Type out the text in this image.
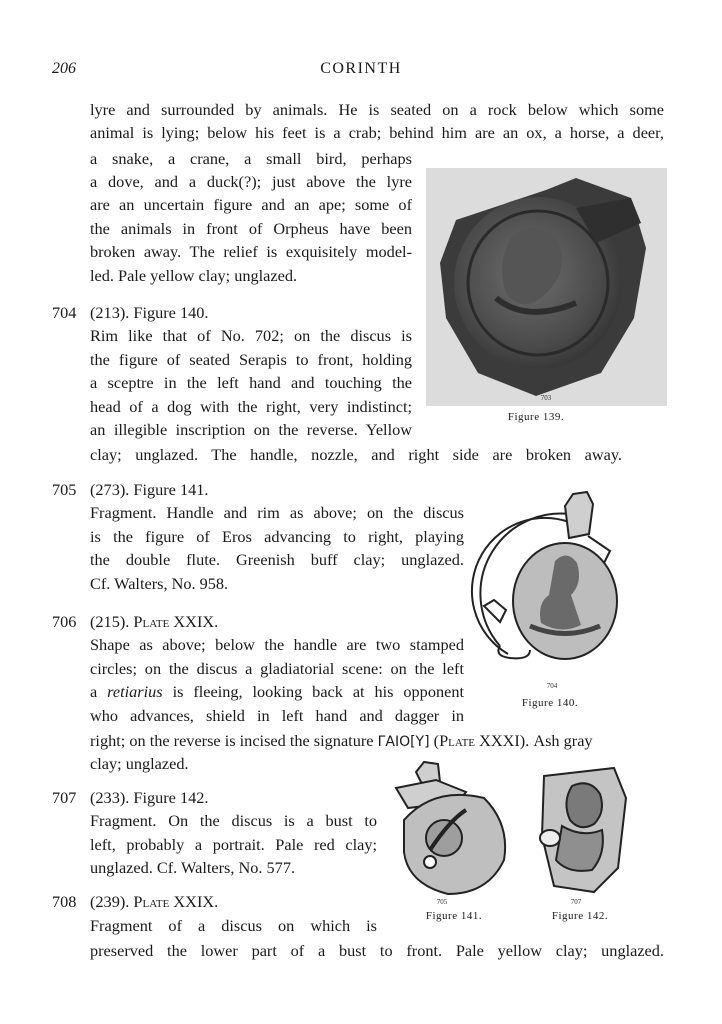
206	CORINTH
lyre and surrounded by animals. He is seated on a rock below which some
animal is lying; below his feet is a crab; behind him are an ox, a horse, a deer,
a snake, a crane, a small bird, perhaps
a dove, and a duck(?); just above the lyre
are an uncertain figure and an ape; some of
the animals in front of Orpheus have been
broken away. The relief is exquisitely model-
led. Pale yellow clay; unglazed.
703
Figure 139.
704 (213). Figure 140.
Rim like that of No. 702; on the discus is
the figure of seated Serapis to front, holding
a sceptre in the left hand and touching the
head of a dog with the right, very indistinct;
an illegible inscription on the reverse. Yellow
clay; unglazed. The handle, nozzle, and right side are broken away.
705 (273). Figure 141.
Fragment. Handle and rim as above; on the discus
is the figure of Eros advancing to right, playing
the double flute. Greenish buff clay; unglazed.
Cf. Walters, No. 958.
704
Figure 140.
706 (215). Plate XXIX.
Shape as above; below the handle are two stamped
circles; on the discus a gladiatorial scene: on the left
a retiarius is fleeing, looking back at his opponent
who advances, shield in left hand and dagger in
right; on the reverse is incised the signature ΓΑΙΟ[Υ] (Plate XXXI). Ash gray
clay; unglazed.
707 (233). Figure 142.
Fragment. On the discus is a bust to
left, probably a portrait. Pale red clay;
unglazed. Cf. Walters, No. 577.
705
Figure 141.
707
Figure 142.
708 (239). Plate XXIX.
Fragment of a discus on which is
preserved the lower part of a bust to front. Pale yellow clay; unglazed.
